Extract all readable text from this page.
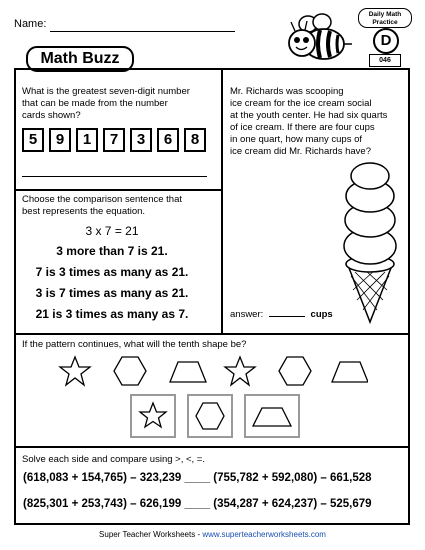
Name:
Math Buzz
Daily Math
Practice
D
046
What is the greatest seven-digit number
that can be made from the number
cards shown?
5	9	1	7	3	6	8
Mr. Richards was scooping
ice cream for the ice cream social
at the youth center. He had six quarts
of ice cream. If there are four cups
in one quart, how many cups of
ice cream did Mr. Richards have?
answer:	cups
Choose the comparison sentence that
best represents the equation.
3 x 7 = 21
3 more than 7 is 21.
7 is 3 times as many as 21.
3 is 7 times as many as 21.
21 is 3 times as many as 7.
If the pattern continues, what will the tenth shape be?
Solve each side and compare using >, <, =.
(618,083 + 154,765) – 323,239 ____ (755,782 + 592,080) – 661,528
(825,301 + 253,743) – 626,199 ____ (354,287 + 624,237) – 525,679
Super Teacher Worksheets - www.superteacherworksheets.com
